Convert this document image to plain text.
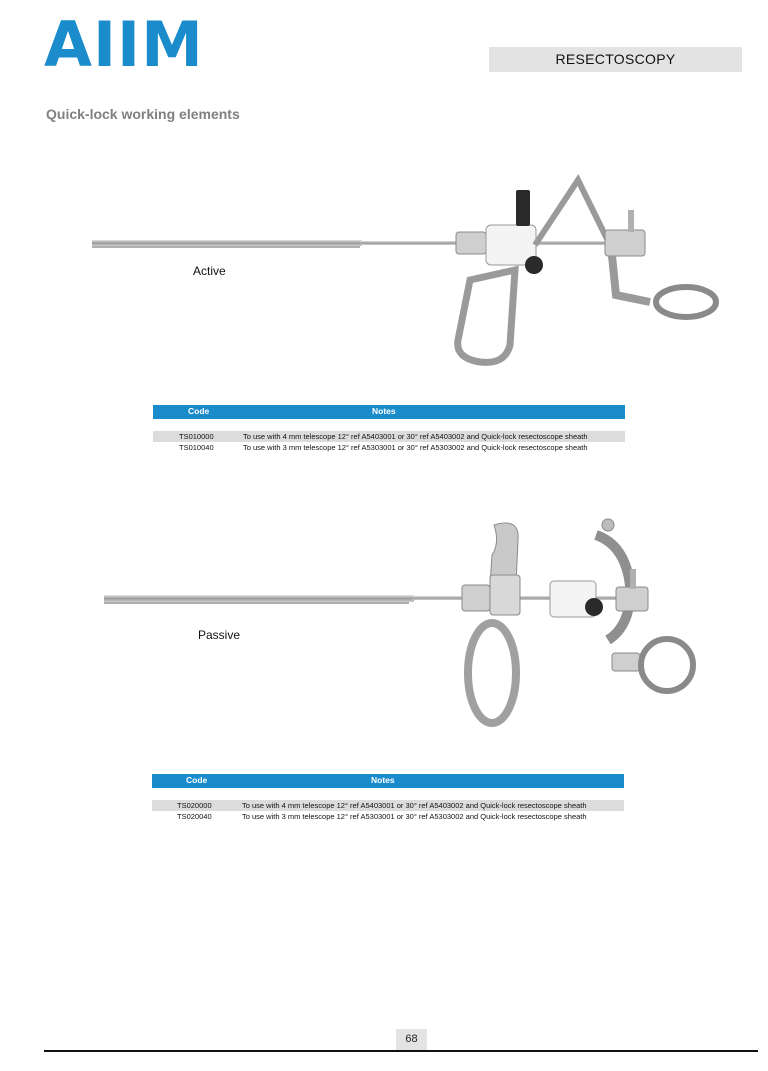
AIIM	RESECTOSCOPY
Quick-lock working elements
Active
Code	Notes
TS010000	To use with 4 mm telescope 12° ref A5403001 or 30° ref A5403002 and Quick-lock resectoscope sheath
TS010040	To use with 3 mm telescope 12° ref A5303001 or 30° ref A5303002 and Quick-lock resectoscope sheath
Passive
Code	Notes
TS020000	To use with 4 mm telescope 12° ref A5403001 or 30° ref A5403002 and Quick-lock resectoscope sheath
TS020040	To use with 3 mm telescope 12° ref A5303001 or 30° ref A5303002 and Quick-lock resectoscope sheath
68
